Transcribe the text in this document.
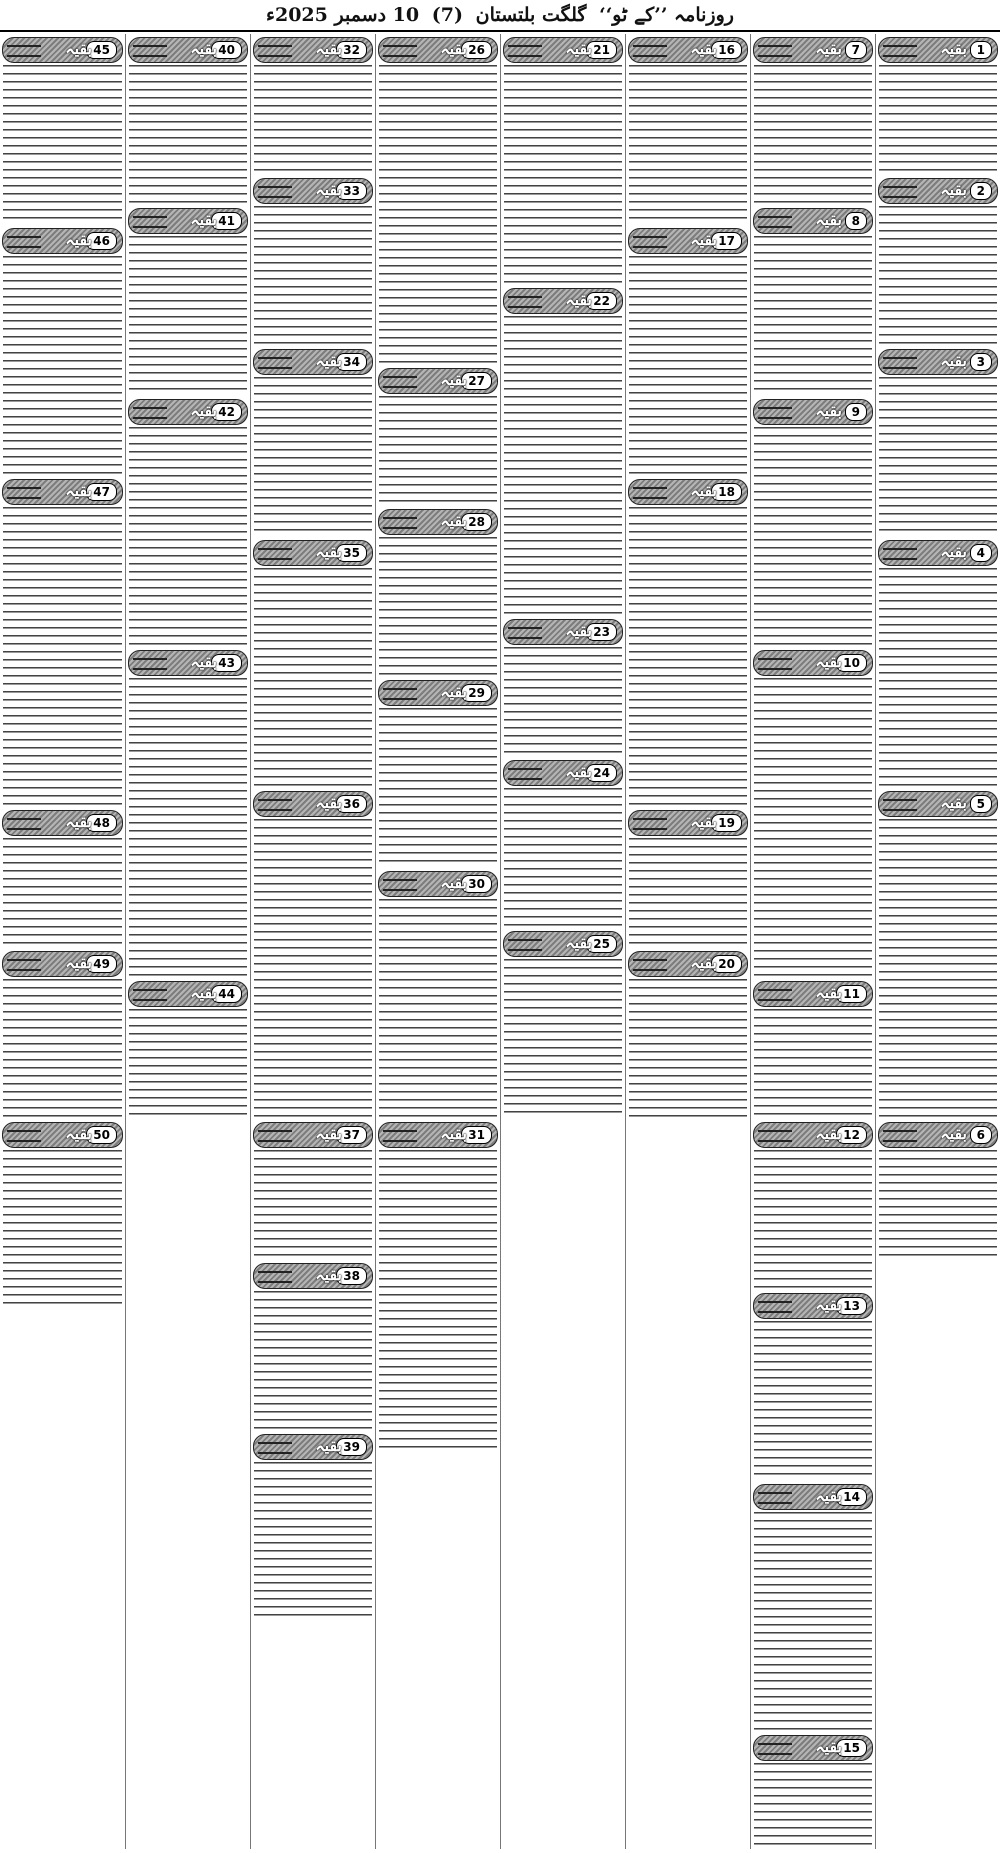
روزنامہ ’’کے ٹو‘‘ گلگت بلتستان (7) 10 دسمبر 2025ء
1
بقیہ
2
بقیہ
3
بقیہ
4
بقیہ
5
بقیہ
6
بقیہ
7
بقیہ
8
بقیہ
9
بقیہ
10
بقیہ
11
بقیہ
12
بقیہ
13
بقیہ
14
بقیہ
15
بقیہ
16
بقیہ
17
بقیہ
18
بقیہ
19
بقیہ
20
بقیہ
21
بقیہ
22
بقیہ
23
بقیہ
24
بقیہ
25
بقیہ
26
بقیہ
27
بقیہ
28
بقیہ
29
بقیہ
30
بقیہ
31
بقیہ
32
بقیہ
33
بقیہ
34
بقیہ
35
بقیہ
36
بقیہ
37
بقیہ
38
بقیہ
39
بقیہ
40
بقیہ
41
بقیہ
42
بقیہ
43
بقیہ
44
بقیہ
45
بقیہ
46
بقیہ
47
بقیہ
48
بقیہ
49
بقیہ
50
بقیہ
